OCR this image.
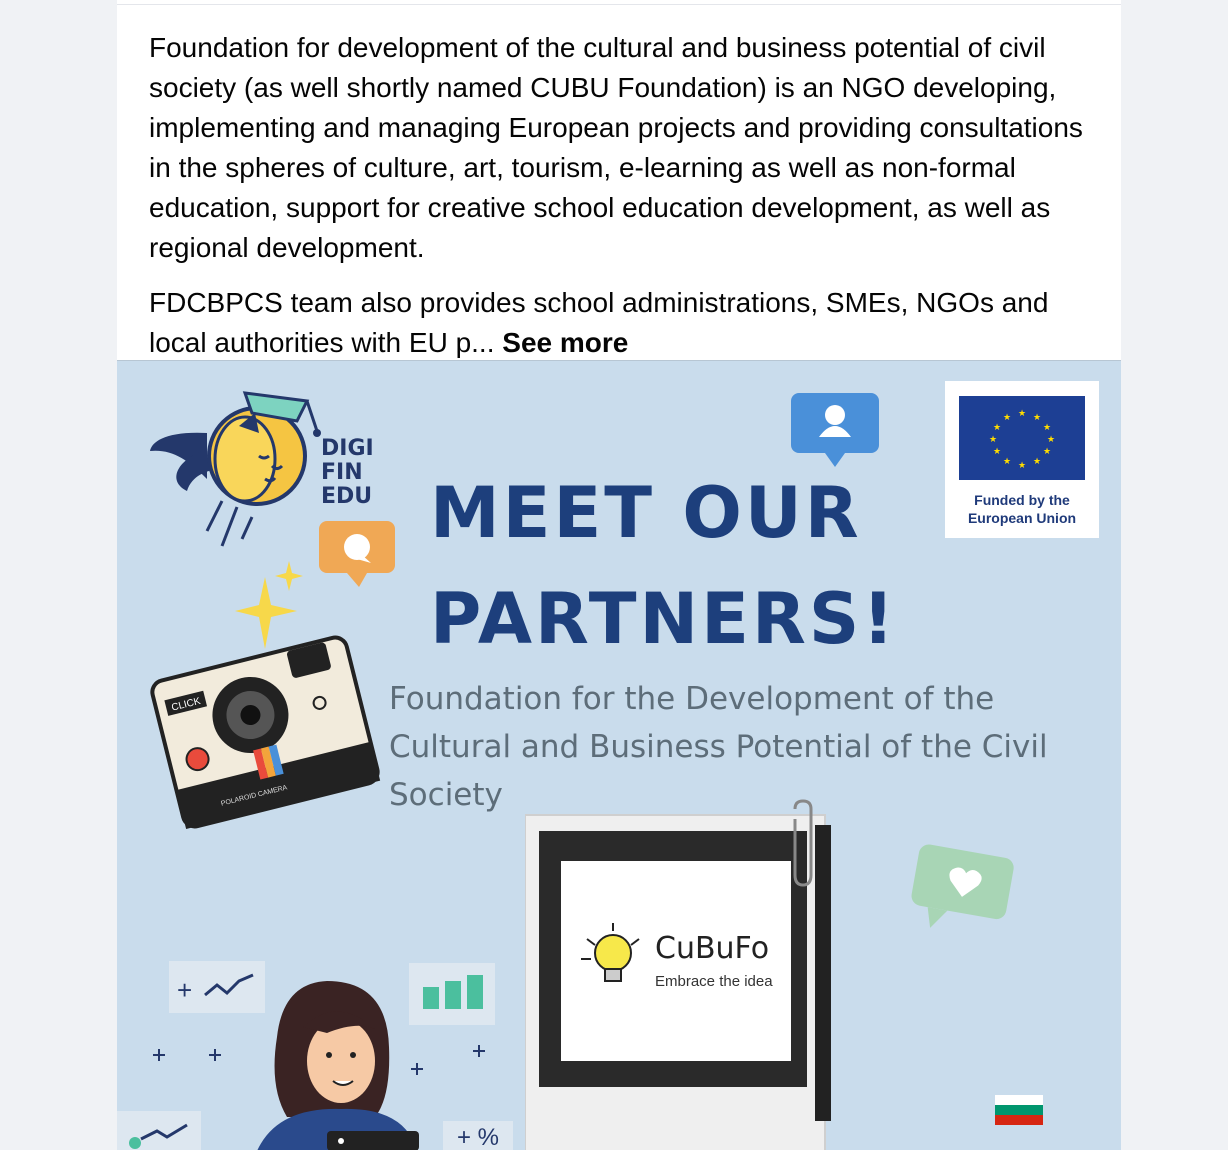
Foundation for development of the cultural and business potential of civil society (as well shortly named CUBU Foundation) is an NGO developing, implementing and managing European projects and providing consultations in the spheres of culture, art, tourism, e-learning as well as non-formal education, support for creative school education development, as well as regional development.

FDCBPCS team also provides school administrations, SMEs, NGOs and local authorities with EU p... See more

DIGI
FIN
EDU
★ ★
★
★
★
★
★
★
★
★
★
★
Funded by the
European Union
MEET OUR
PARTNERS!
Foundation for the Development of the Cultural and Business Potential of the Civil Society
CLICK
POLAROID CAMERA
CuBuFo
Embrace the idea
+
+ %
